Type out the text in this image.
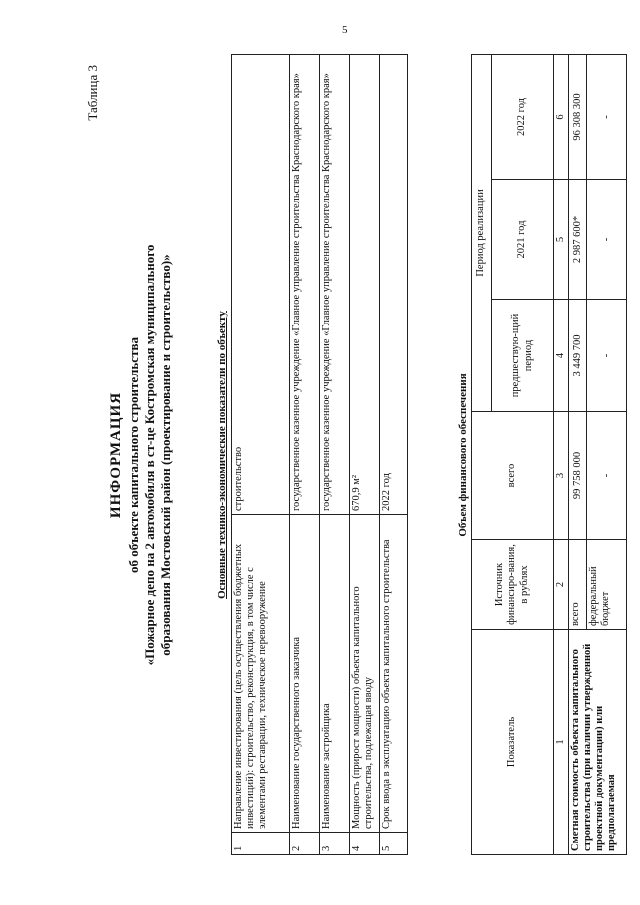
5
Таблица 3
ИНФОРМАЦИЯ об объекте капитального строительства «Пожарное депо на 2 автомобиля в ст-це Костромская муниципального образования Мостовский район (проектирование и строительство)»	Основные технико-экономические показатели по объекту
1	Направление инвестирования (цель осуществления бюджетных инвестиций): строительство, реконструкция, в том числе с элементами реставрации, техническое перевооружение	строительство
2	Наименование государственного заказчика	государственное казенное учреждение «Главное управление строительства Краснодарского края»
3	Наименование застройщика	государственное казенное учреждение «Главное управление строительства Краснодарского края»
4	Мощность (прирост мощности) объекта капитального строительства, подлежащая вводу	670,9 м²
5	Срок ввода в эксплуатацию объекта капитального строительства	2022 год	Объем финансового обеспечения
Показатель	Источник финансиро-вания, в рублях	всего	Период реализации		
			предшествую-щий период	2021 год	2022 год
1	2	3	4	5	6
Сметная стоимость объекта капитального строительства (при наличии утвержденной проектной документации) или предполагаемая	всего	99 758 000	3 449 700	2 987 600*	96 308 300
	федеральный бюджет	-	-	-	-
